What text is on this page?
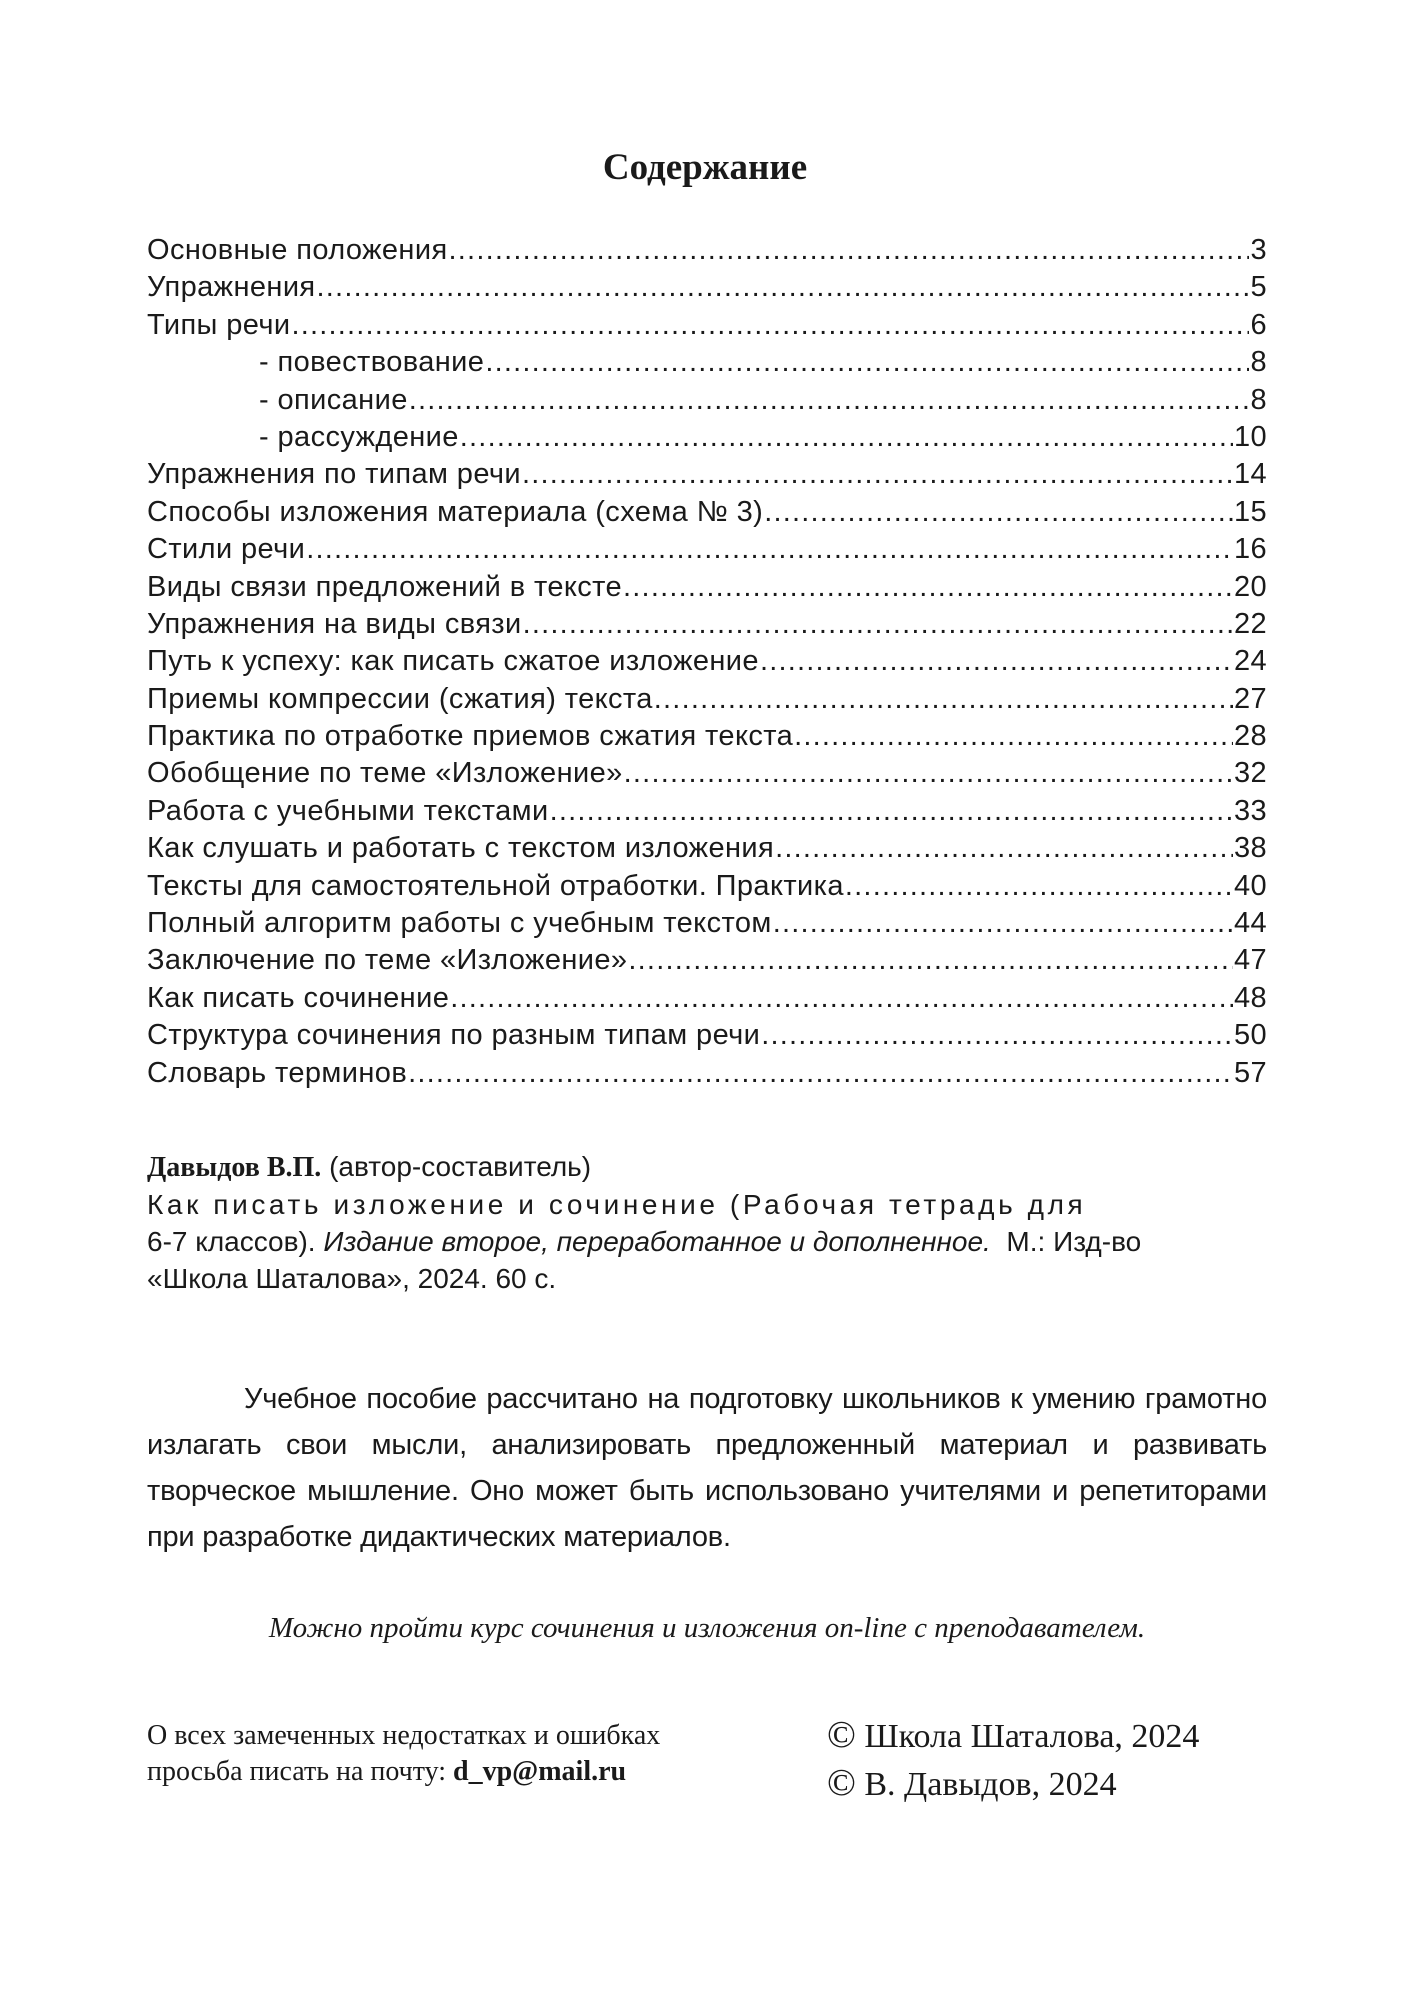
Содержание
Основные положения .....	3
Упражнения .....	5
Типы речи .....	6
- повествование .....	8
- описание .....	8
- рассуждение .....	10
Упражнения по типам речи .....	14
Способы изложения материала (схема № 3) .....	15
Стили речи .....	16
Виды связи предложений в тексте .....	20
Упражнения на виды связи .....	22
Путь к успеху: как писать сжатое изложение .....	24
Приемы компрессии (сжатия) текста .....	27
Практика по отработке приемов сжатия текста .....	28
Обобщение по теме «Изложение» .....	32
Работа с учебными текстами .....	33
Как слушать и работать с текстом изложения .....	38
Тексты для самостоятельной отработки. Практика .....	40
Полный алгоритм работы с учебным текстом .....	44
Заключение по теме «Изложение» .....	47
Как писать сочинение .....	48
Структура сочинения по разным типам речи .....	50
Словарь терминов .....	57

Давыдов В.П. (автор-составитель)

Как писать изложение и сочинение (Рабочая тетрадь для

6-7 классов). Издание второе, переработанное и дополненное.  М.: Изд-во

«Школа Шаталова», 2024. 60 с.

Учебное пособие рассчитано на подготовку школьников к умению грамотно излагать свои мысли, анализировать предложенный материал и развивать творческое мышление. Оно может быть использовано учителями и репетиторами при разработке дидактических материалов.

Можно пройти курс сочинения и изложения on-line с преподавателем.

О всех замеченных недостатках и ошибках

просьба писать на почту: d_vp@mail.ru

© Школа Шаталова, 2024

© В. Давыдов, 2024
